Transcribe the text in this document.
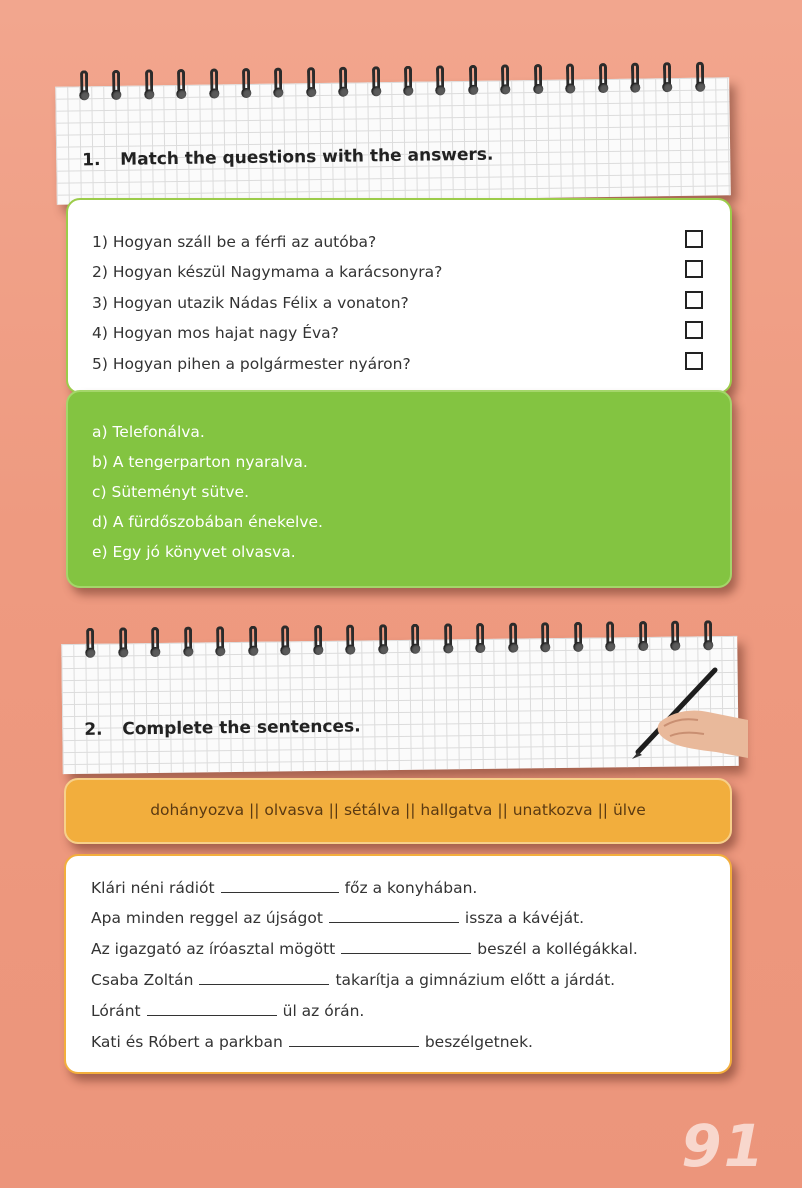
1. Match the questions with the answers.
1) Hogyan száll be a férfi az autóba?
2) Hogyan készül Nagymama a karácsonyra?
3) Hogyan utazik Nádas Félix a vonaton?
4) Hogyan mos hajat nagy Éva?
5) Hogyan pihen a polgármester nyáron?
a) Telefonálva.
b) A tengerparton nyaralva.
c) Süteményt sütve.
d) A fürdőszobában énekelve.
e) Egy jó könyvet olvasva.
2. Complete the sentences.
dohányozva || olvasva || sétálva || hallgatva || unatkozva || ülve
Klári néni rádiót	főz a konyhában.
Apa minden reggel az újságot	issza a kávéját.
Az igazgató az íróasztal mögött	beszél a kollégákkal.
Csaba Zoltán	takarítja a gimnázium előtt a járdát.
Lóránt	ül az órán.
Kati és Róbert a parkban	beszélgetnek.
91
